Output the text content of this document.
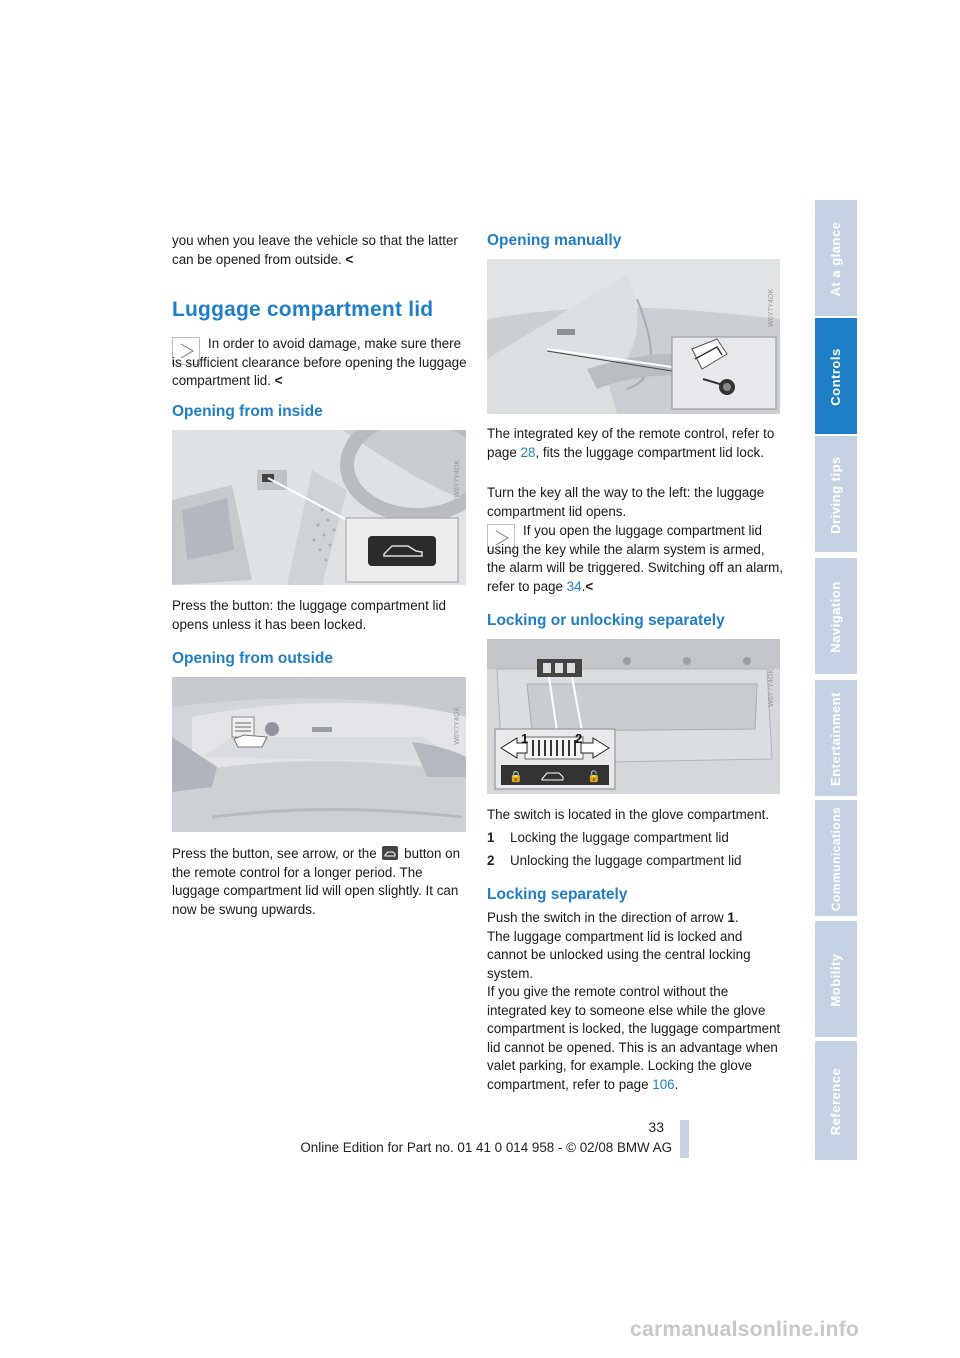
you when you leave the vehicle so that the latter can be opened from outside. <

Luggage compartment lid

In order to avoid damage, make sure there is sufficient clearance before opening the luggage compartment lid. <

Opening from inside
W6Y7Y4OK

Press the button: the luggage compartment lid opens unless it has been locked.

Opening from outside
W6Y7Y4OK

Press the button, see arrow, or the button on the remote control for a longer period. The luggage compartment lid will open slightly. It can now be swung upwards.

Opening manually
W6Y7Y4OK

The integrated key of the remote control, refer to page 28, fits the luggage compartment lid lock.

Turn the key all the way to the left: the luggage compartment lid opens.

If you open the luggage compartment lid using the key while the alarm system is armed, the alarm will be triggered. Switching off an alarm, refer to page 34.<

Locking or unlocking separately
🔒	🔓
1	2
W6Y7Y4OK

The switch is located in the glove compartment.

1	Locking the luggage compartment lid
2	Unlocking the luggage compartment lid
Locking separately

Push the switch in the direction of arrow 1.
The luggage compartment lid is locked and cannot be unlocked using the central locking system.
If you give the remote control without the integrated key to someone else while the glove compartment is locked, the luggage compartment lid cannot be opened. This is an advantage when valet parking, for example. Locking the glove compartment, refer to page 106.

33
Online Edition for Part no. 01 41 0 014 958 - © 02/08 BMW AG
carmanualsonline.info
At a glance
Controls
Driving tips
Navigation
Entertainment
Communications
Mobility
Reference
